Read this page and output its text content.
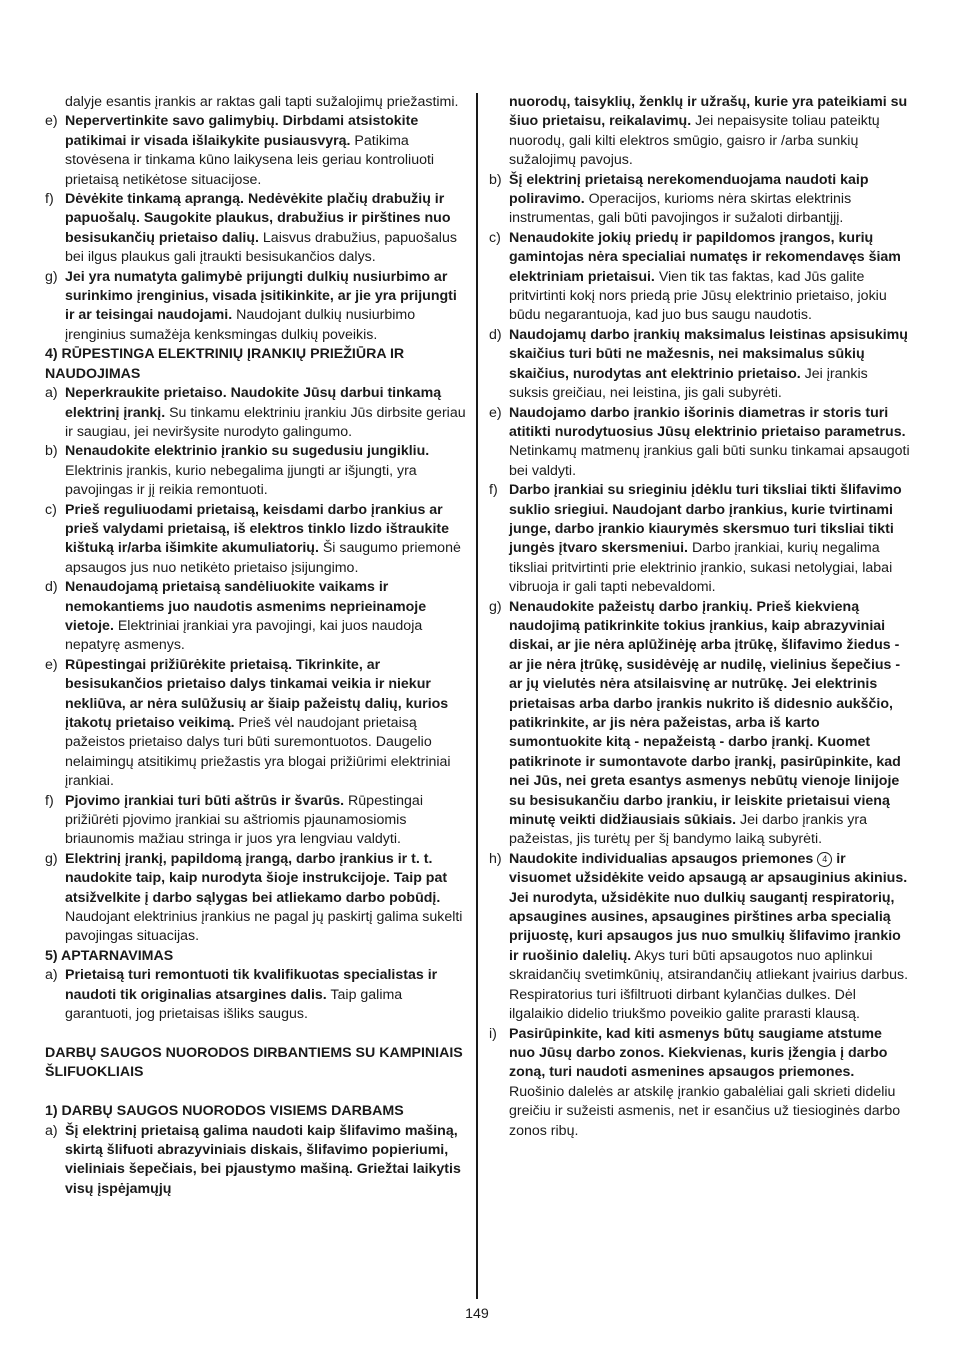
dalyje esantis įrankis ar raktas gali tapti sužalojimų priežastimi.
e) Nepervertinkite savo galimybių. Dirbdami atsistokite patikimai ir visada išlaikykite pusiausvyrą. Patikima stovėsena ir tinkama kūno laikysena leis geriau kontroliuoti prietaisą netikėtose situacijose.
f) Dėvėkite tinkamą aprangą. Nedėvėkite plačių drabužių ir papuošalų. Saugokite plaukus, drabužius ir pirštines nuo besisukančių prietaiso dalių. Laisvus drabužius, papuošalus bei ilgus plaukus gali įtraukti besisukančios dalys.
g) Jei yra numatyta galimybė prijungti dulkių nusiurbimo ar surinkimo įrenginius, visada įsitikinkite, ar jie yra prijungti ir ar teisingai naudojami. Naudojant dulkių nusiurbimo įrenginius sumažėja kenksmingas dulkių poveikis.
4) RŪPESTINGA ELEKTRINIŲ ĮRANKIŲ PRIEŽIŪRA IR NAUDOJIMAS
a) Neperkraukite prietaiso. Naudokite Jūsų darbui tinkamą elektrinį įrankį. Su tinkamu elektriniu įrankiu Jūs dirbsite geriau ir saugiau, jei neviršysite nurodyto galingumo.
b) Nenaudokite elektrinio įrankio su sugedusiu jungikliu. Elektrinis įrankis, kurio nebegalima įjungti ar išjungti, yra pavojingas ir jį reikia remontuoti.
c) Prieš reguliuodami prietaisą, keisdami darbo įrankius ar prieš valydami prietaisą, iš elektros tinklo lizdo ištraukite kištuką ir/arba išimkite akumuliatorių. Ši saugumo priemonė apsaugos jus nuo netikėto prietaiso įsijungimo.
d) Nenaudojamą prietaisą sandėliuokite vaikams ir nemokantiems juo naudotis asmenims neprieinamoje vietoje. Elektriniai įrankiai yra pavojingi, kai juos naudoja nepatyrę asmenys.
e) Rūpestingai prižiūrėkite prietaisą. Tikrinkite, ar besisukančios prietaiso dalys tinkamai veikia ir niekur nekliūva, ar nėra sulūžusių ar šiaip pažeistų dalių, kurios įtakotų prietaiso veikimą. Prieš vėl naudojant prietaisą pažeistos prietaiso dalys turi būti suremontuotos. Daugelio nelaimingų atsitikimų priežastis yra blogai prižiūrimi elektriniai įrankiai.
f) Pjovimo įrankiai turi būti aštrūs ir švarūs. Rūpestingai prižiūrėti pjovimo įrankiai su aštriomis pjaunamosiomis briaunomis mažiau stringa ir juos yra lengviau valdyti.
g) Elektrinį įrankį, papildomą įrangą, darbo įrankius ir t. t. naudokite taip, kaip nurodyta šioje instrukcijoje. Taip pat atsižvelkite į darbo sąlygas bei atliekamo darbo pobūdį. Naudojant elektrinius įrankius ne pagal jų paskirtį galima sukelti pavojingas situacijas.
5) APTARNAVIMAS
a) Prietaisą turi remontuoti tik kvalifikuotas specialistas ir naudoti tik originalias atsargines dalis. Taip galima garantuoti, jog prietaisas išliks saugus.
DARBŲ SAUGOS NUORODOS DIRBANTIEMS SU KAMPINIAIS ŠLIFUOKLIAIS
1) DARBŲ SAUGOS NUORODOS VISIEMS DARBAMS
a) Šį elektrinį prietaisą galima naudoti kaip šlifavimo mašiną, skirtą šlifuoti abrazyviniais diskais, šlifavimo popieriumi, vieliniais šepečiais, bei pjaustymo mašiną. Griežtai laikytis visų įspėjamųjų
nuorodų, taisyklių, ženklų ir užrašų, kurie yra pateikiami su šiuo prietaisu, reikalavimų. Jei nepaisysite toliau pateiktų nuorodų, gali kilti elektros smūgio, gaisro ir /arba sunkių sužalojimų pavojus.
b) Šį elektrinį prietaisą nerekomenduojama naudoti kaip poliravimo. Operacijos, kurioms nėra skirtas elektrinis instrumentas, gali būti pavojingos ir sužaloti dirbantįjį.
c) Nenaudokite jokių priedų ir papildomos įrangos, kurių gamintojas nėra specialiai numatęs ir rekomendavęs šiam elektriniam prietaisui. Vien tik tas faktas, kad Jūs galite pritvirtinti kokį nors priedą prie Jūsų elektrinio prietaiso, jokiu būdu negarantuoja, kad juo bus saugu naudotis.
d) Naudojamų darbo įrankių maksimalus leistinas apsisukimų skaičius turi būti ne mažesnis, nei maksimalus sūkių skaičius, nurodytas ant elektrinio prietaiso. Jei įrankis suksis greičiau, nei leistina, jis gali subyrėti.
e) Naudojamo darbo įrankio išorinis diametras ir storis turi atitikti nurodytuosius Jūsų elektrinio prietaiso parametrus. Netinkamų matmenų įrankius gali būti sunku tinkamai apsaugoti bei valdyti.
f) Darbo įrankiai su srieginiu įdėklu turi tiksliai tikti šlifavimo suklio sriegiui. Naudojant darbo įrankius, kurie tvirtinami junge, darbo įrankio kiaurymės skersmuo turi tiksliai tikti jungės įtvaro skersmeniui. Darbo įrankiai, kurių negalima tiksliai pritvirtinti prie elektrinio įrankio, sukasi netolygiai, labai vibruoja ir gali tapti nebevaldomi.
g) Nenaudokite pažeistų darbo įrankių. Prieš kiekvieną naudojimą patikrinkite tokius įrankius, kaip abrazyviniai diskai, ar jie nėra aplūžinėję arba įtrūkę, šlifavimo žiedus - ar jie nėra įtrūkę, susidėvėję ar nudilę, vielinius šepečius - ar jų vielutės nėra atsilaisvinę ar nutrūkę. Jei elektrinis prietaisas arba darbo įrankis nukrito iš didesnio aukščio, patikrinkite, ar jis nėra pažeistas, arba iš karto sumontuokite kitą - nepažeistą - darbo įrankį. Kuomet patikrinote ir sumontavote darbo įrankį, pasirūpinkite, kad nei Jūs, nei greta esantys asmenys nebūtų vienoje linijoje su besisukančiu darbo įrankiu, ir leiskite prietaisui vieną minutę veikti didžiausiais sūkiais. Jei darbo įrankis yra pažeistas, jis turėtų per šį bandymo laiką subyrėti.
h) Naudokite individualias apsaugos priemones 4 ir visuomet užsidėkite veido apsaugą ar apsauginius akinius. Jei nurodyta, užsidėkite nuo dulkių saugantį respiratorių, apsaugines ausines, apsaugines pirštines arba specialią prijuostę, kuri apsaugos jus nuo smulkių šlifavimo įrankio ir ruošinio dalelių. Akys turi būti apsaugotos nuo aplinkui skraidančių svetimkūnių, atsirandančių atliekant įvairius darbus. Respiratorius turi išfiltruoti dirbant kylančias dulkes. Dėl ilgalaikio didelio triukšmo poveikio galite prarasti klausą.
i) Pasirūpinkite, kad kiti asmenys būtų saugiame atstume nuo Jūsų darbo zonos. Kiekvienas, kuris įžengia į darbo zoną, turi naudoti asmenines apsaugos priemones. Ruošinio dalelės ar atskilę įrankio gabalėliai gali skrieti dideliu greičiu ir sužeisti asmenis, net ir esančius už tiesioginės darbo zonos ribų.
149
